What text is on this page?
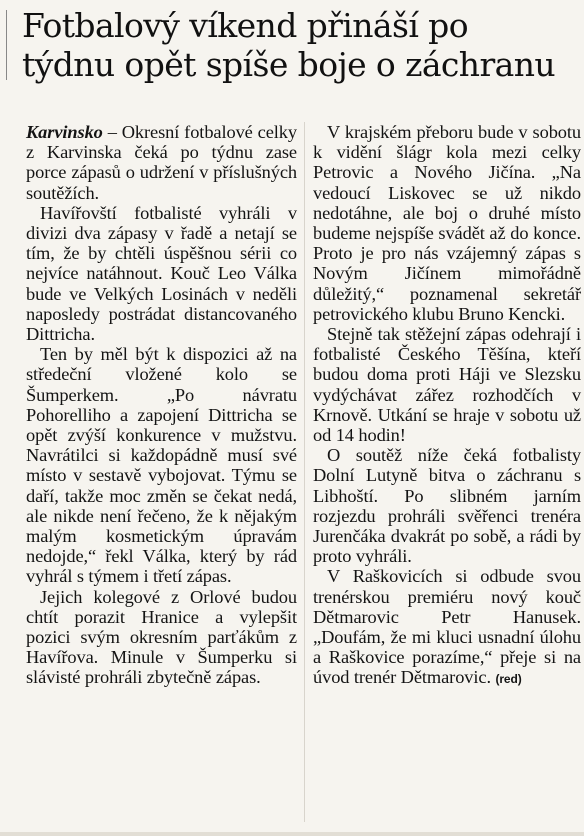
Fotbalový víkend přináší po
týdnu opět spíše boje o záchranu

Karvinsko – Okresní fotbalové celky z Karvinska čeká po týdnu zase porce zápasů o udržení v příslušných soutěžích.

Havířovští fotbalisté vyhráli v divizi dva zápasy v řadě a netají se tím, že by chtěli úspěšnou sérii co nejvíce natáhnout. Kouč Leo Válka bude ve Velkých Losinách v neděli naposledy postrádat distancovaného Dittricha.

Ten by měl být k dispozici až na středeční vložené kolo se Šumperkem. „Po návratu Pohorelliho a zapojení Dittricha se opět zvýší konkurence v mužstvu. Navrátilci si každopádně musí své místo v sestavě vybojovat. Týmu se daří, takže moc změn se čekat nedá, ale nikde není řečeno, že k nějakým malým kosmetickým úpravám nedojde,“ řekl Válka, který by rád vyhrál s týmem i třetí zápas.

Jejich kolegové z Orlové budou chtít porazit Hranice a vylepšit pozici svým okresním parťákům z Havířova. Minule v Šumperku si slávisté prohráli zbytečně zápas.

V krajském přeboru bude v sobotu k vidění šlágr kola mezi celky Petrovic a Nového Jičína. „Na vedoucí Liskovec se už nikdo nedotáhne, ale boj o druhé místo budeme nejspíše svádět až do konce. Proto je pro nás vzájemný zápas s Novým Jičínem mimořádně důležitý,“ poznamenal sekretář petrovického klubu Bruno Kencki.

Stejně tak stěžejní zápas odehrají i fotbalisté Českého Těšína, kteří budou doma proti Háji ve Slezsku vydýchávat zářez rozhodčích v Krnově. Utkání se hraje v sobotu už od 14 hodin!

O soutěž níže čeká fotbalisty Dolní Lutyně bitva o záchranu s Libhoští. Po slibném jarním rozjezdu prohráli svěřenci trenéra Jurenčáka dvakrát po sobě, a rádi by proto vyhráli.

V Raškovicích si odbude svou trenérskou premiéru nový kouč Dětmarovic Petr Hanusek. „Doufám, že mi kluci usnadní úlohu a Raškovice porazíme,“ přeje si na úvod trenér Dětmarovic. (red)
